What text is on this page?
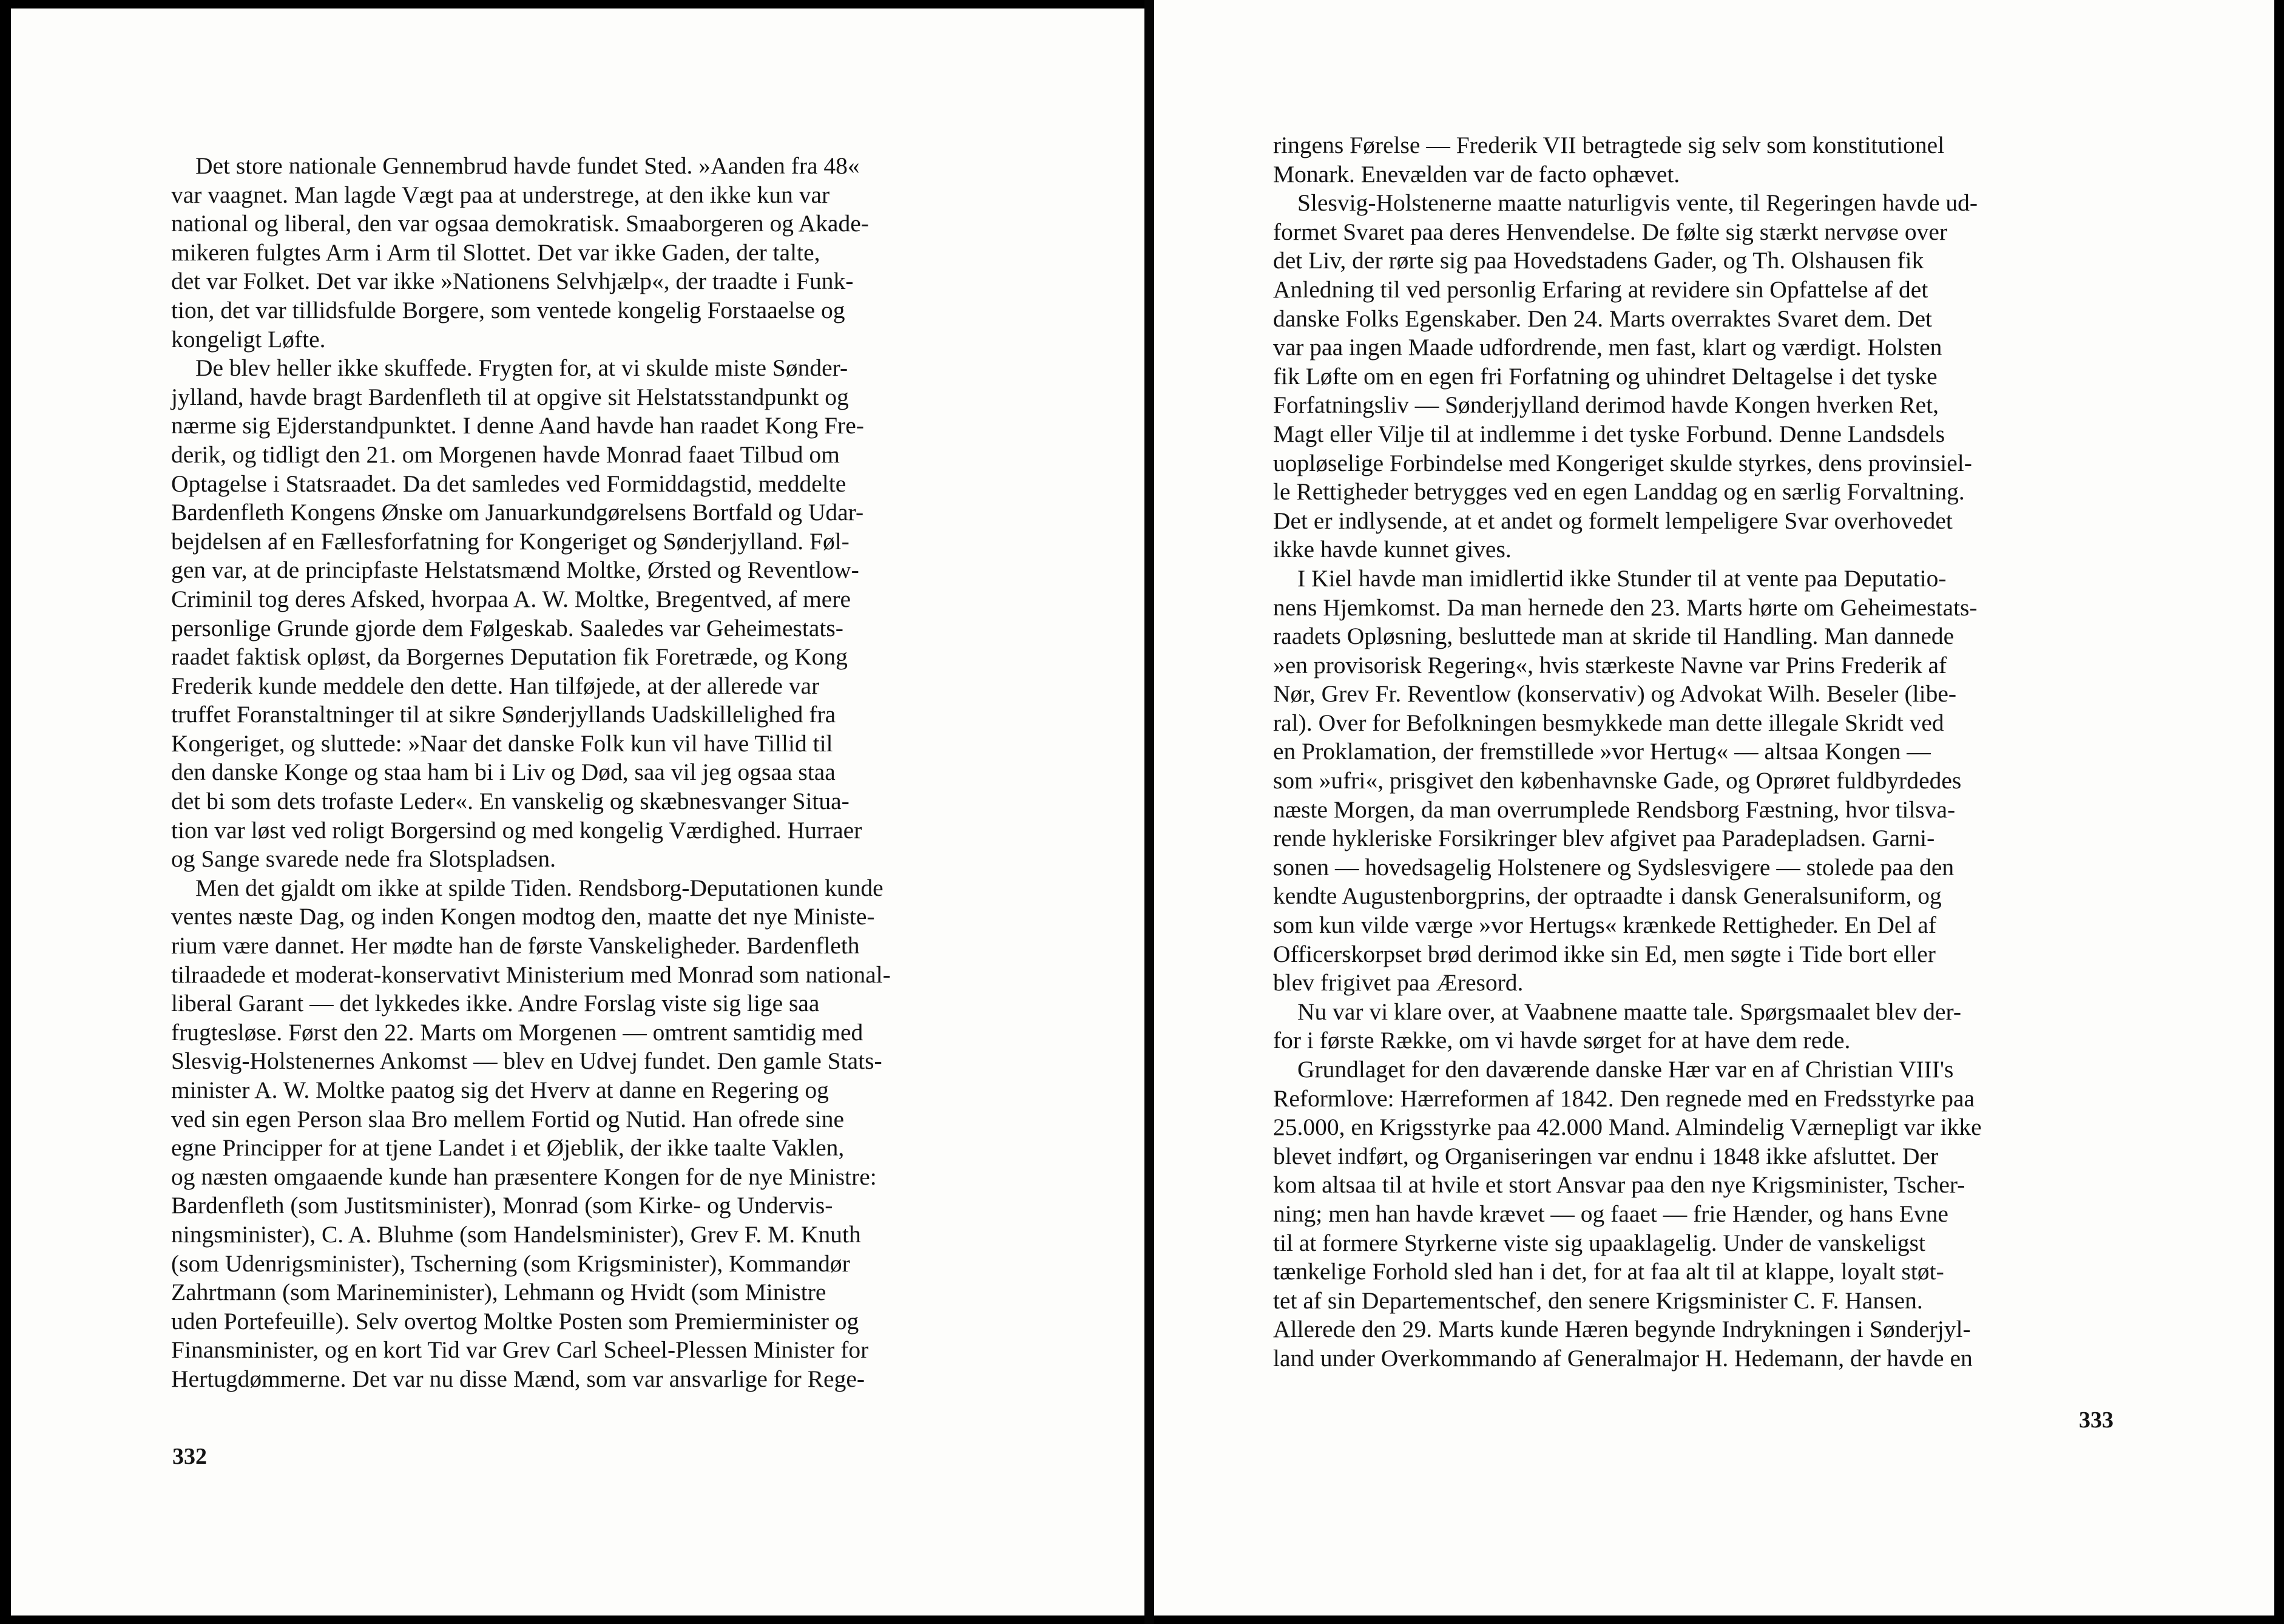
Det store nationale Gennembrud havde fundet Sted. »Aanden fra 48«
var vaagnet. Man lagde Vægt paa at understrege, at den ikke kun var
national og liberal, den var ogsaa demokratisk. Smaaborgeren og Akade-
mikeren fulgtes Arm i Arm til Slottet. Det var ikke Gaden, der talte,
det var Folket. Det var ikke »Nationens Selvhjælp«, der traadte i Funk-
tion, det var tillidsfulde Borgere, som ventede kongelig Forstaaelse og
kongeligt Løfte.
De blev heller ikke skuffede. Frygten for, at vi skulde miste Sønder-
jylland, havde bragt Bardenfleth til at opgive sit Helstatsstandpunkt og
nærme sig Ejderstandpunktet. I denne Aand havde han raadet Kong Fre-
derik, og tidligt den 21. om Morgenen havde Monrad faaet Tilbud om
Optagelse i Statsraadet. Da det samledes ved Formiddagstid, meddelte
Bardenfleth Kongens Ønske om Januarkundgørelsens Bortfald og Udar-
bejdelsen af en Fællesforfatning for Kongeriget og Sønderjylland. Føl-
gen var, at de principfaste Helstatsmænd Moltke, Ørsted og Reventlow-
Criminil tog deres Afsked, hvorpaa A. W. Moltke, Bregentved, af mere
personlige Grunde gjorde dem Følgeskab. Saaledes var Geheimestats-
raadet faktisk opløst, da Borgernes Deputation fik Foretræde, og Kong
Frederik kunde meddele den dette. Han tilføjede, at der allerede var
truffet Foranstaltninger til at sikre Sønderjyllands Uadskillelighed fra
Kongeriget, og sluttede: »Naar det danske Folk kun vil have Tillid til
den danske Konge og staa ham bi i Liv og Død, saa vil jeg ogsaa staa
det bi som dets trofaste Leder«. En vanskelig og skæbnesvanger Situa-
tion var løst ved roligt Borgersind og med kongelig Værdighed. Hurraer
og Sange svarede nede fra Slotspladsen.
Men det gjaldt om ikke at spilde Tiden. Rendsborg-Deputationen kunde
ventes næste Dag, og inden Kongen modtog den, maatte det nye Ministe-
rium være dannet. Her mødte han de første Vanskeligheder. Bardenfleth
tilraadede et moderat-konservativt Ministerium med Monrad som national-
liberal Garant — det lykkedes ikke. Andre Forslag viste sig lige saa
frugtesløse. Først den 22. Marts om Morgenen — omtrent samtidig med
Slesvig-Holstenernes Ankomst — blev en Udvej fundet. Den gamle Stats-
minister A. W. Moltke paatog sig det Hverv at danne en Regering og
ved sin egen Person slaa Bro mellem Fortid og Nutid. Han ofrede sine
egne Principper for at tjene Landet i et Øjeblik, der ikke taalte Vaklen,
og næsten omgaaende kunde han præsentere Kongen for de nye Ministre:
Bardenfleth (som Justitsminister), Monrad (som Kirke- og Undervis-
ningsminister), C. A. Bluhme (som Handelsminister), Grev F. M. Knuth
(som Udenrigsminister), Tscherning (som Krigsminister), Kommandør
Zahrtmann (som Marineminister), Lehmann og Hvidt (som Ministre
uden Portefeuille). Selv overtog Moltke Posten som Premierminister og
Finansminister, og en kort Tid var Grev Carl Scheel-Plessen Minister for
Hertugdømmerne. Det var nu disse Mænd, som var ansvarlige for Rege-
332
ringens Førelse — Frederik VII betragtede sig selv som konstitutionel
Monark. Enevælden var de facto ophævet.
Slesvig-Holstenerne maatte naturligvis vente, til Regeringen havde ud-
formet Svaret paa deres Henvendelse. De følte sig stærkt nervøse over
det Liv, der rørte sig paa Hovedstadens Gader, og Th. Olshausen fik
Anledning til ved personlig Erfaring at revidere sin Opfattelse af det
danske Folks Egenskaber. Den 24. Marts overraktes Svaret dem. Det
var paa ingen Maade udfordrende, men fast, klart og værdigt. Holsten
fik Løfte om en egen fri Forfatning og uhindret Deltagelse i det tyske
Forfatningsliv — Sønderjylland derimod havde Kongen hverken Ret,
Magt eller Vilje til at indlemme i det tyske Forbund. Denne Landsdels
uopløselige Forbindelse med Kongeriget skulde styrkes, dens provinsiel-
le Rettigheder betrygges ved en egen Landdag og en særlig Forvaltning.
Det er indlysende, at et andet og formelt lempeligere Svar overhovedet
ikke havde kunnet gives.
I Kiel havde man imidlertid ikke Stunder til at vente paa Deputatio-
nens Hjemkomst. Da man hernede den 23. Marts hørte om Geheimestats-
raadets Opløsning, besluttede man at skride til Handling. Man dannede
»en provisorisk Regering«, hvis stærkeste Navne var Prins Frederik af
Nør, Grev Fr. Reventlow (konservativ) og Advokat Wilh. Beseler (libe-
ral). Over for Befolkningen besmykkede man dette illegale Skridt ved
en Proklamation, der fremstillede »vor Hertug« — altsaa Kongen —
som »ufri«, prisgivet den københavnske Gade, og Oprøret fuldbyrdedes
næste Morgen, da man overrumplede Rendsborg Fæstning, hvor tilsva-
rende hykleriske Forsikringer blev afgivet paa Paradepladsen. Garni-
sonen — hovedsagelig Holstenere og Sydslesvigere — stolede paa den
kendte Augustenborgprins, der optraadte i dansk Generalsuniform, og
som kun vilde værge »vor Hertugs« krænkede Rettigheder. En Del af
Officerskorpset brød derimod ikke sin Ed, men søgte i Tide bort eller
blev frigivet paa Æresord.
Nu var vi klare over, at Vaabnene maatte tale. Spørgsmaalet blev der-
for i første Række, om vi havde sørget for at have dem rede.
Grundlaget for den daværende danske Hær var en af Christian VIII's
Reformlove: Hærreformen af 1842. Den regnede med en Fredsstyrke paa
25.000, en Krigsstyrke paa 42.000 Mand. Almindelig Værnepligt var ikke
blevet indført, og Organiseringen var endnu i 1848 ikke afsluttet. Der
kom altsaa til at hvile et stort Ansvar paa den nye Krigsminister, Tscher-
ning; men han havde krævet — og faaet — frie Hænder, og hans Evne
til at formere Styrkerne viste sig upaaklagelig. Under de vanskeligst
tænkelige Forhold sled han i det, for at faa alt til at klappe, loyalt støt-
tet af sin Departementschef, den senere Krigsminister C. F. Hansen.
Allerede den 29. Marts kunde Hæren begynde Indrykningen i Sønderjyl-
land under Overkommando af Generalmajor H. Hedemann, der havde en
333
